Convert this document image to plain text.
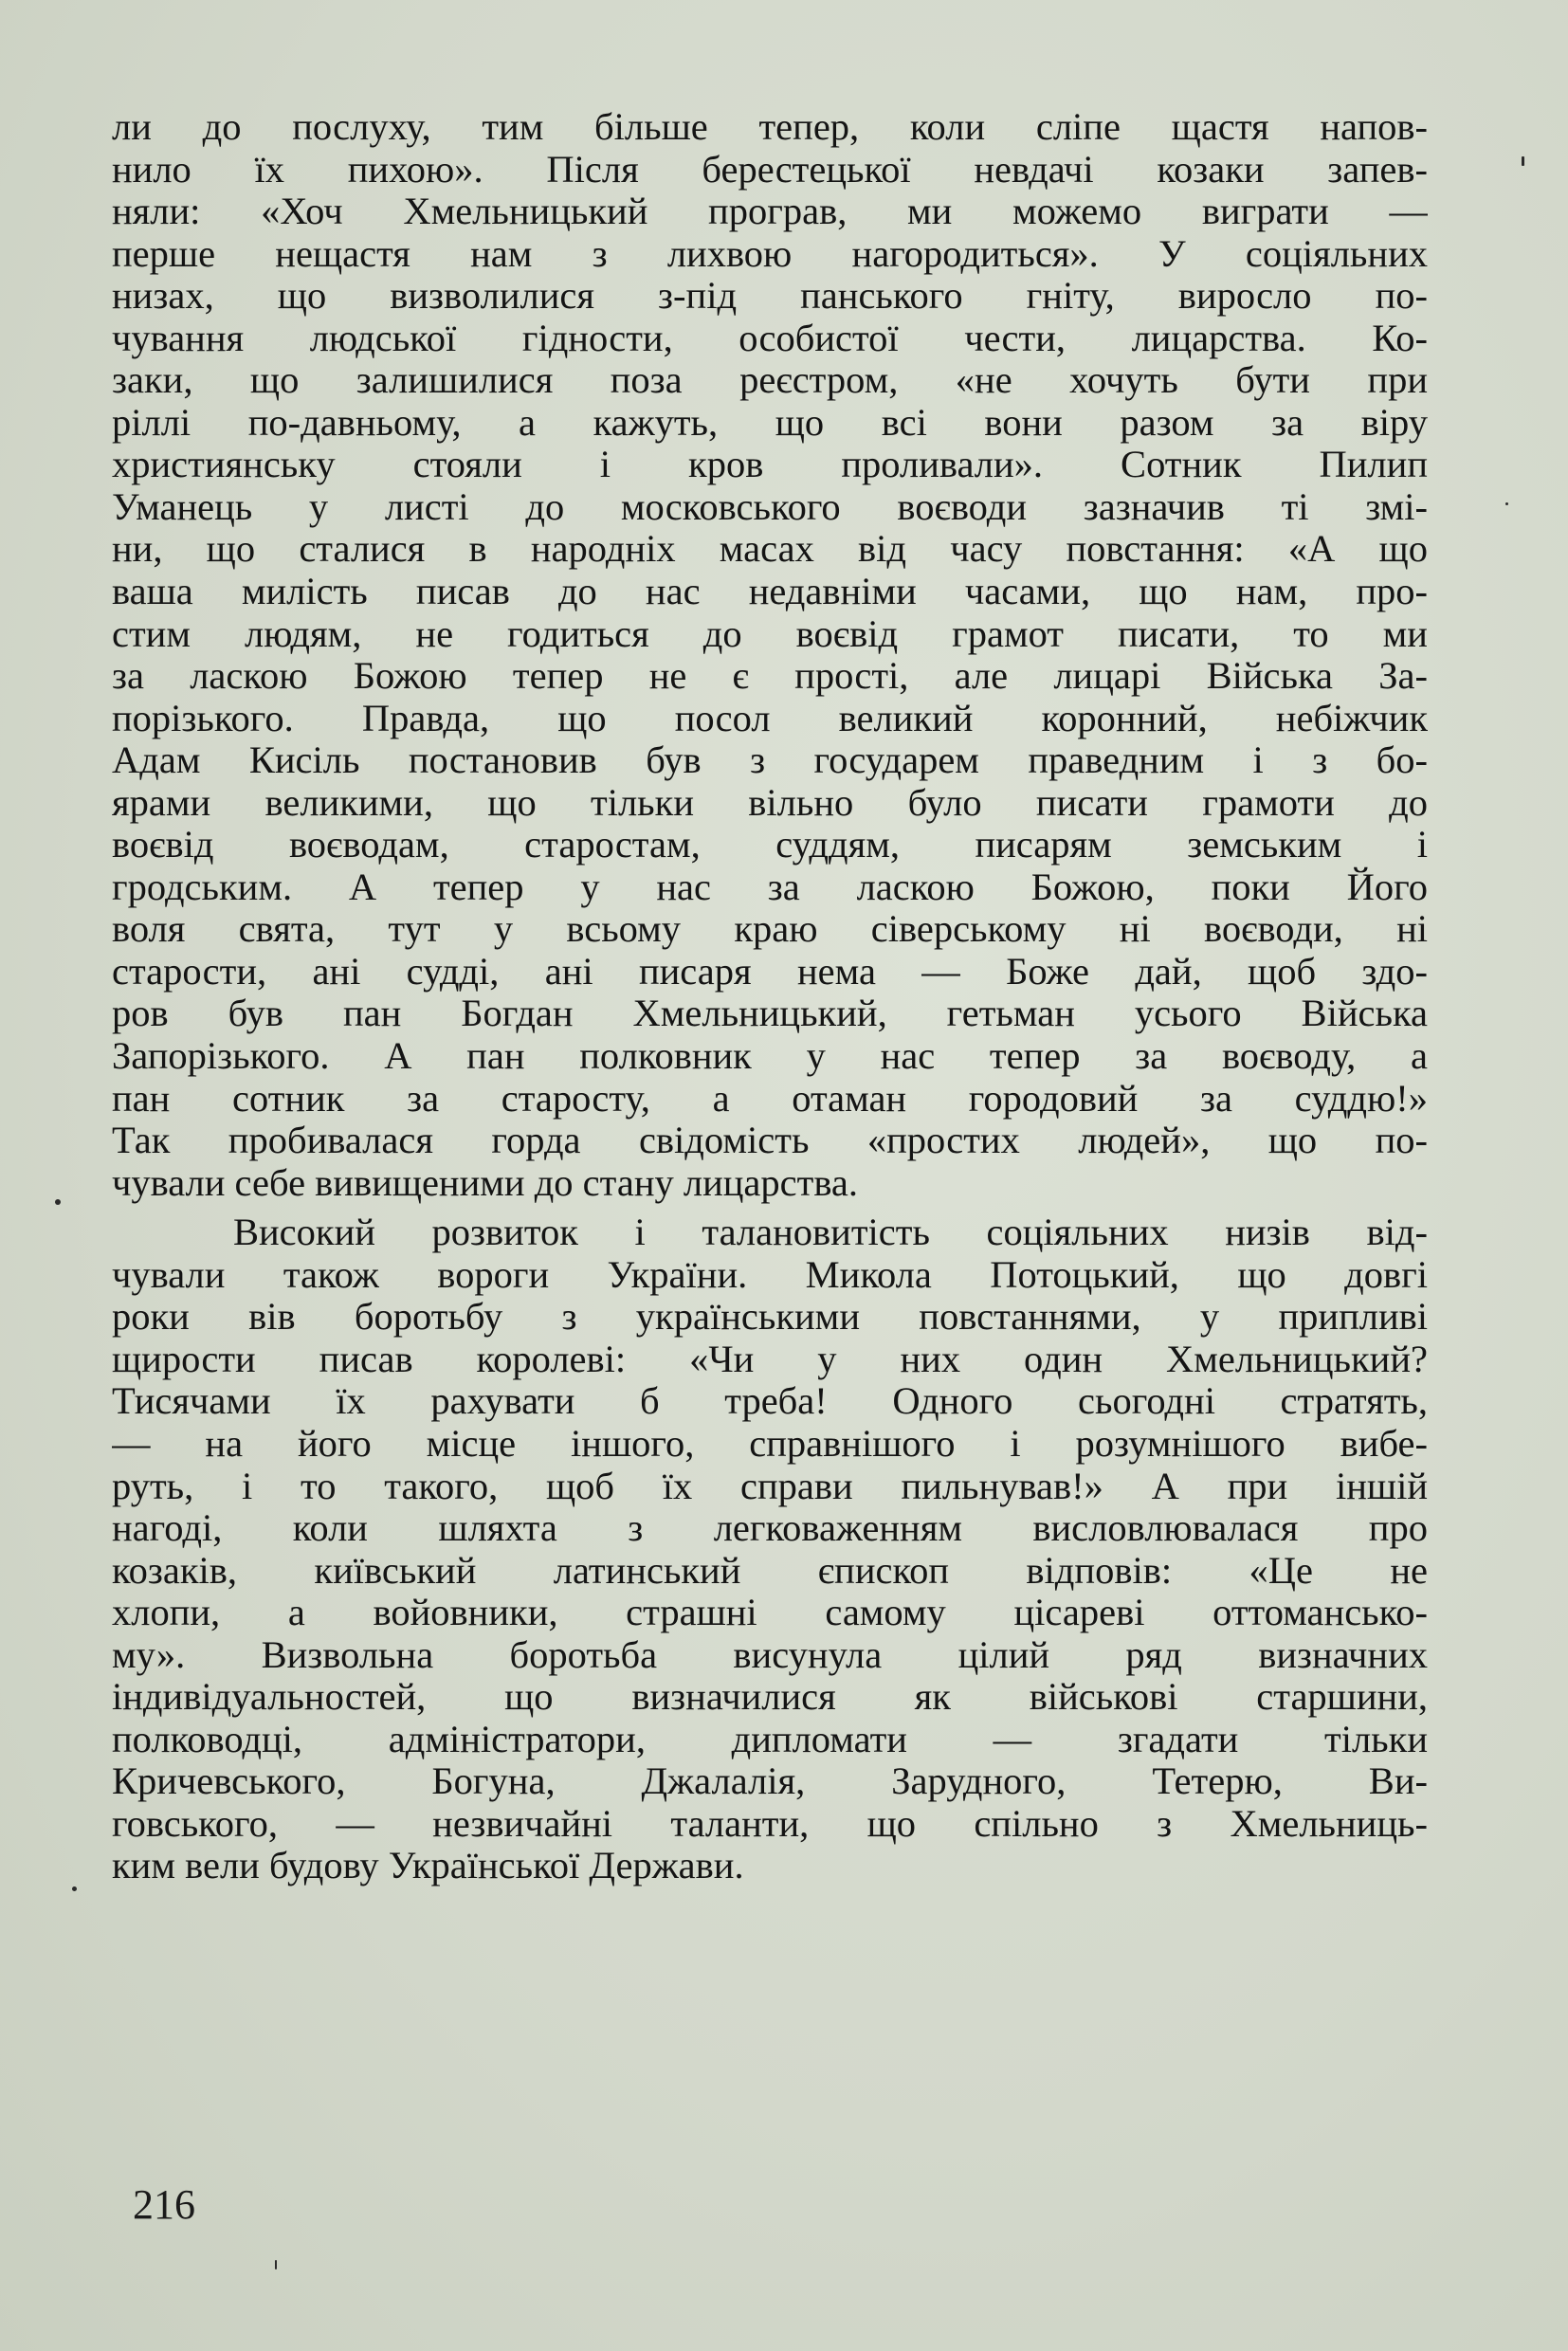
ли до послуху, тим більше тепер, коли сліпе щастя напов-
нило їх пихою». Після берестецької невдачі козаки запев-
няли: «Хоч Хмельницький програв, ми можемо виграти —
перше нещастя нам з лихвою нагородиться». У соціяльних
низах, що визволилися з-під панського гніту, виросло по-
чування людської гідности, особистої чести, лицарства. Ко-
заки, що залишилися поза реєстром, «не хочуть бути при
ріллі по-давньому, а кажуть, що всі вони разом за віру
християнську стояли і кров проливали». Сотник Пилип
Уманець у листі до московського воєводи зазначив ті змі-
ни, що сталися в народніх масах від часу повстання: «А що
ваша милість писав до нас недавніми часами, що нам, про-
стим людям, не годиться до воєвід грамот писати, то ми
за ласкою Божою тепер не є прості, але лицарі Війська За-
порізького. Правда, що посол великий коронний, небіжчик
Адам Кисіль постановив був з государем праведним і з бо-
ярами великими, що тільки вільно було писати грамоти до
воєвід воєводам, старостам, суддям, писарям земським і
гродським. А тепер у нас за ласкою Божою, поки Його
воля свята, тут у всьому краю сіверському ні воєводи, ні
старости, ані судді, ані писаря нема — Боже дай, щоб здо-
ров був пан Богдан Хмельницький, гетьман усього Війська
Запорізького. А пан полковник у нас тепер за воєводу, а
пан сотник за старосту, а отаман городовий за суддю!»
Так пробивалася горда свідомість «простих людей», що по-
чували себе вивищеними до стану лицарства.
Високий розвиток і талановитість соціяльних низів від-
чували також вороги України. Микола Потоцький, що довгі
роки вів боротьбу з українськими повстаннями, у припливі
щирости писав королеві: «Чи у них один Хмельницький?
Тисячами їх рахувати б треба! Одного сьогодні стратять,
— на його місце іншого, справнішого і розумнішого вибе-
руть, і то такого, щоб їх справи пильнував!» А при іншій
нагоді, коли шляхта з легковаженням висловлювалася про
козаків, київський латинський єпископ відповів: «Це не
хлопи, а войовники, страшні самому цісареві оттомансько-
му». Визвольна боротьба висунула цілий ряд визначних
індивідуальностей, що визначилися як військові старшини,
полководці, адміністратори, дипломати — згадати тільки
Кричевського, Богуна, Джалалія, Зарудного, Тетерю, Ви-
говського, — незвичайні таланти, що спільно з Хмельниць-
ким вели будову Української Держави.
216
